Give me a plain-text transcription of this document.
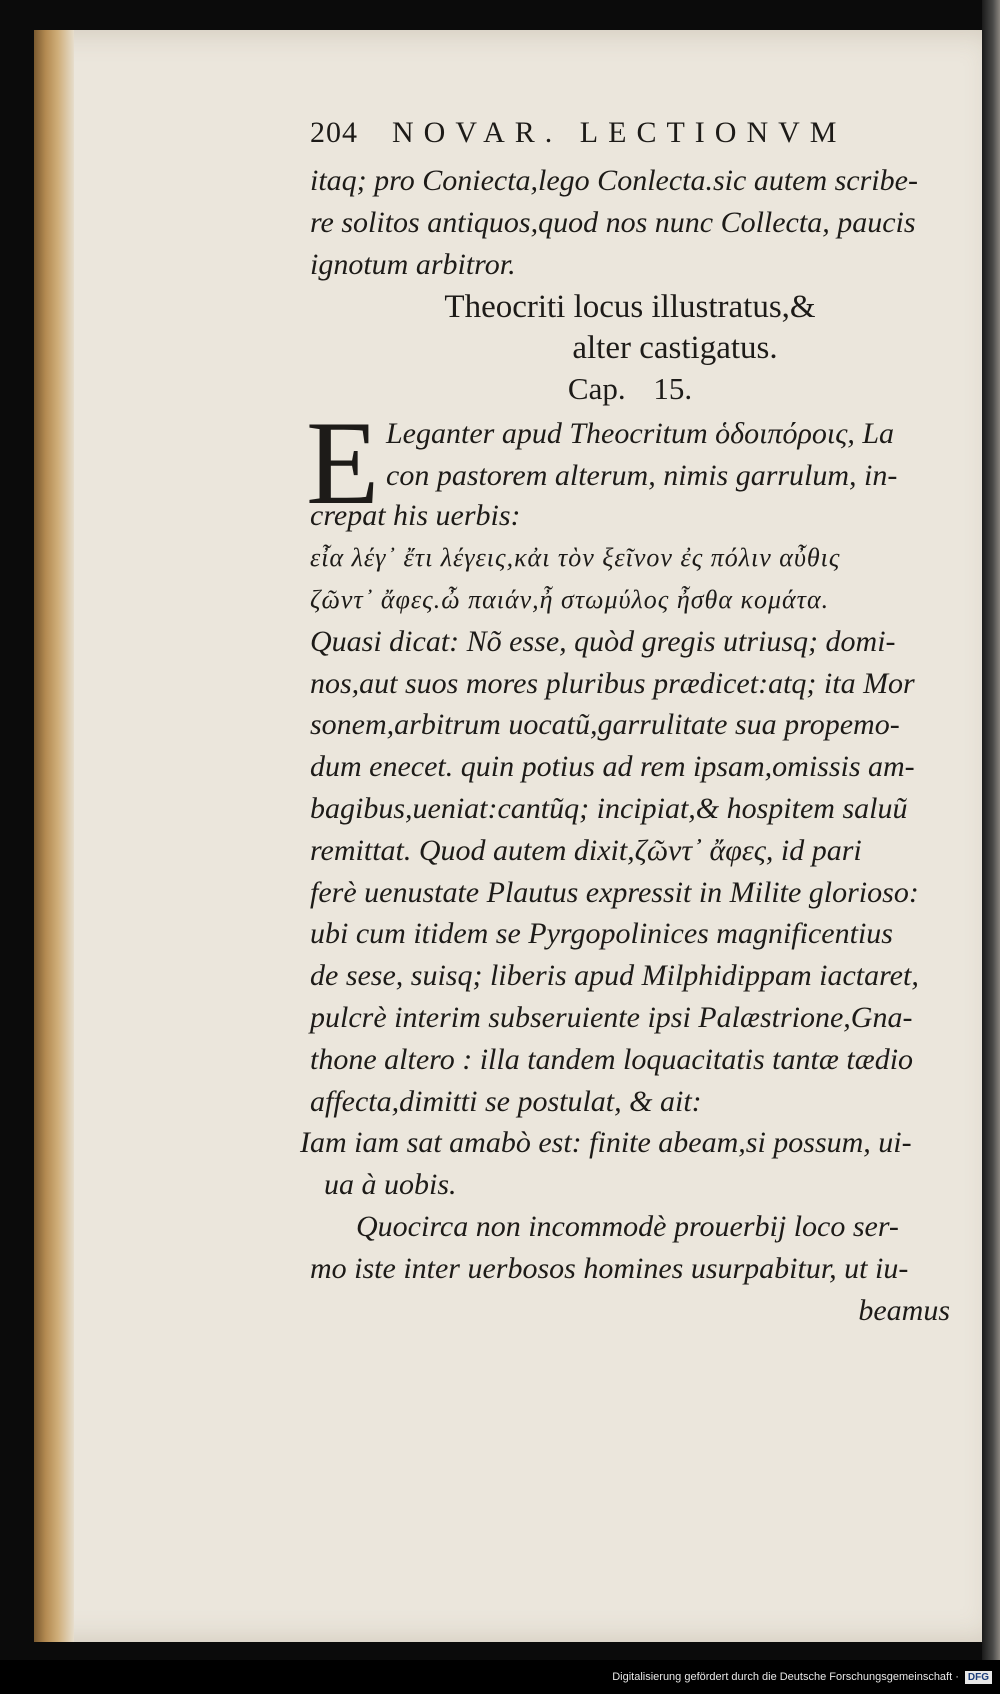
204 NOVAR. LECTIONVM
itaq; pro Coniecta,lego Conlecta.sic autem scribe-
re solitos antiquos,quod nos nunc Collecta, paucis
ignotum arbitror.
Theocriti locus illustratus,&
alter castigatus.
Cap. 15.
E Leganter apud Theocritum ὁδοιπόροις, La
con pastorem alterum, nimis garrulum, in-
crepat his uerbis:
εἶα λέγ᾽ ἔτι λέγεις,κἀι τὸν ξεῖνον ἐς πόλιν αὖθις
ζῶντ᾽ ἄφες.ὦ παιάν,ἦ στωμύλος ἦσθα κομάτα.
Quasi dicat: Nõ esse, quòd gregis utriusq; domi-
nos,aut suos mores pluribus prædicet:atq; ita Mor
sonem,arbitrum uocatũ,garrulitate sua propemo-
dum enecet. quin potius ad rem ipsam,omissis am-
bagibus,ueniat:cantũq; incipiat,& hospitem saluũ
remittat. Quod autem dixit,ζῶντ᾽ ἄφες, id pari
ferè uenustate Plautus expressit in Milite glorioso:
ubi cum itidem se Pyrgopolinices magnificentius
de sese, suisq; liberis apud Milphidippam iactaret,
pulcrè interim subseruiente ipsi Palæstrione,Gna-
thone altero : illa tandem loquacitatis tantæ tædio
affecta,dimitti se postulat, & ait:
Iam iam sat amabò est: finite abeam,si possum, ui-
ua à uobis.
Quocirca non incommodè prouerbij loco ser-
mo iste inter uerbosos homines usurpabitur, ut iu-
beamus
Digitalisierung gefördert durch die Deutsche Forschungsgemeinschaft · DFG
